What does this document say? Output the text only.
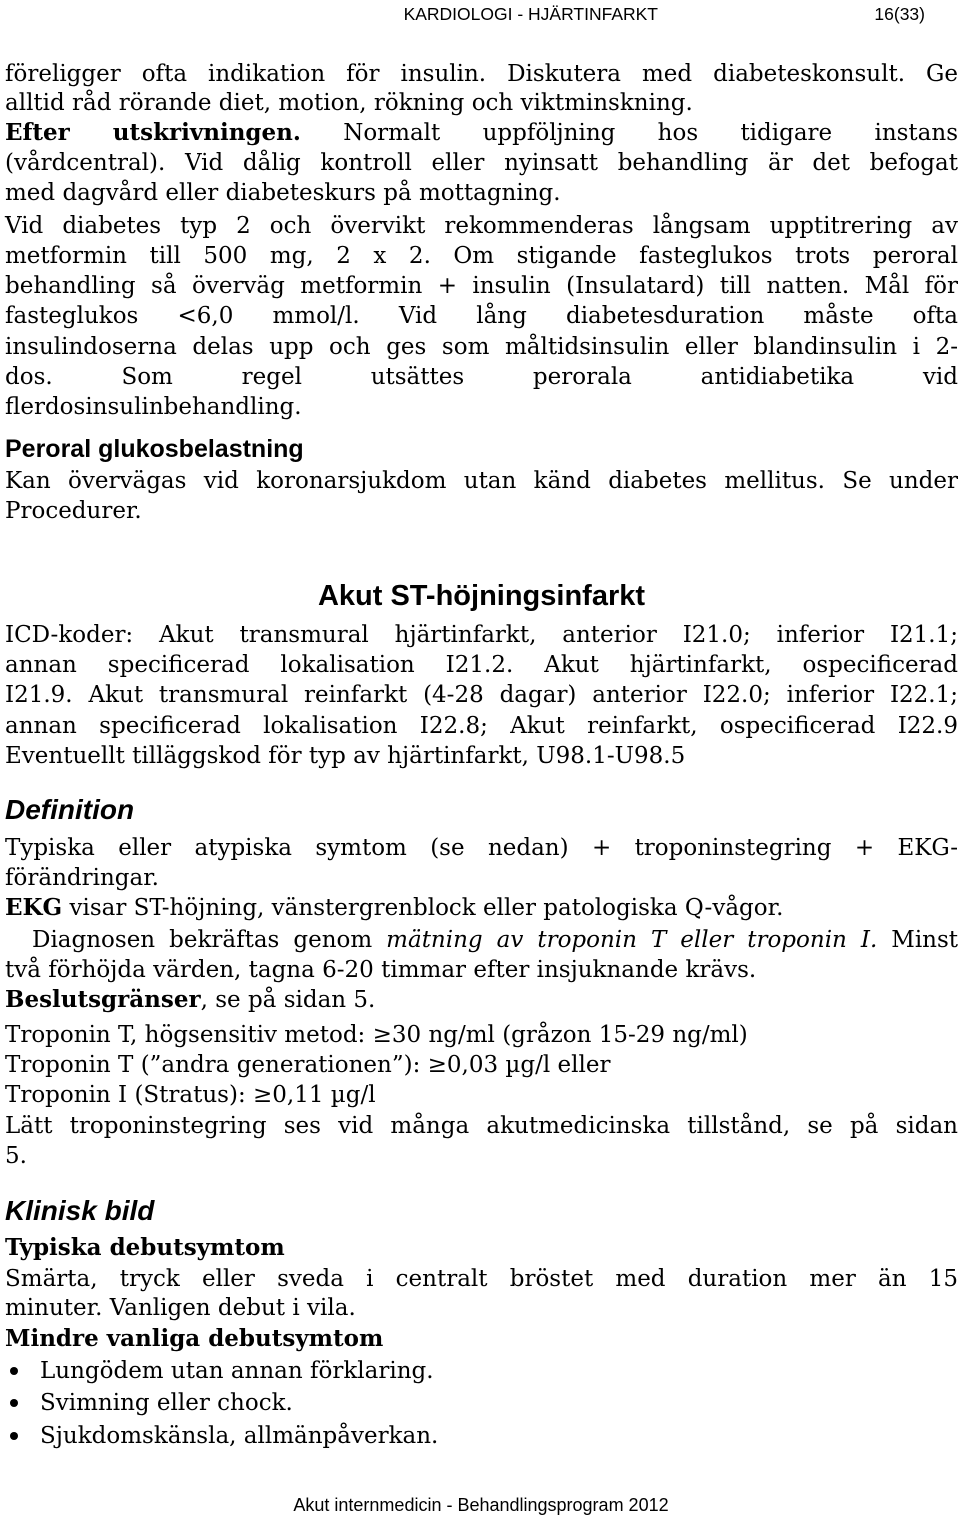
KARDIOLOGI - HJÄRTINFARKT	16(33)
föreligger ofta indikation för insulin. Diskutera med diabeteskonsult. Ge
alltid råd rörande diet, motion, rökning och viktminskning.
Efter utskrivningen. Normalt uppföljning hos tidigare instans
(vårdcentral). Vid dålig kontroll eller nyinsatt behandling är det befogat
med dagvård eller diabeteskurs på mottagning.
Vid diabetes typ 2 och övervikt rekommenderas långsam upptitrering av
metformin till 500 mg, 2 x 2. Om stigande fasteglukos trots peroral
behandling så överväg metformin + insulin (Insulatard) till natten. Mål för
fasteglukos <6,0 mmol/l. Vid lång diabetesduration måste ofta
insulindoserna delas upp och ges som måltidsinsulin eller blandinsulin i 2-
dos. Som regel utsättes perorala antidiabetika vid
flerdosinsulinbehandling.
Peroral glukosbelastning
Kan övervägas vid koronarsjukdom utan känd diabetes mellitus. Se under
Procedurer.
Akut ST-höjningsinfarkt
ICD-koder: Akut transmural hjärtinfarkt, anterior I21.0; inferior I21.1;
annan specificerad lokalisation I21.2. Akut hjärtinfarkt, ospecificerad
I21.9. Akut transmural reinfarkt (4-28 dagar) anterior I22.0; inferior I22.1;
annan specificerad lokalisation I22.8; Akut reinfarkt, ospecificerad I22.9
Eventuellt tilläggskod för typ av hjärtinfarkt, U98.1-U98.5
Definition
Typiska eller atypiska symtom (se nedan) + troponinstegring + EKG-
förändringar.
EKG visar ST-höjning, vänstergrenblock eller patologiska Q-vågor.
Diagnosen bekräftas genom mätning av troponin T eller troponin I. Minst
två förhöjda värden, tagna 6-20 timmar efter insjuknande krävs.
Beslutsgränser, se på sidan 5.
Troponin T, högsensitiv metod: ≥30 ng/ml (gråzon 15-29 ng/ml)
Troponin T (”andra generationen”): ≥0,03 µg/l eller
Troponin I (Stratus): ≥0,11 µg/l
Lätt troponinstegring ses vid många akutmedicinska tillstånd, se på sidan
5.
Klinisk bild
Typiska debutsymtom
Smärta, tryck eller sveda i centralt bröstet med duration mer än 15
minuter. Vanligen debut i vila.
Mindre vanliga debutsymtom
Lungödem utan annan förklaring.
Svimning eller chock.
Sjukdomskänsla, allmänpåverkan.
Akut internmedicin - Behandlingsprogram 2012
